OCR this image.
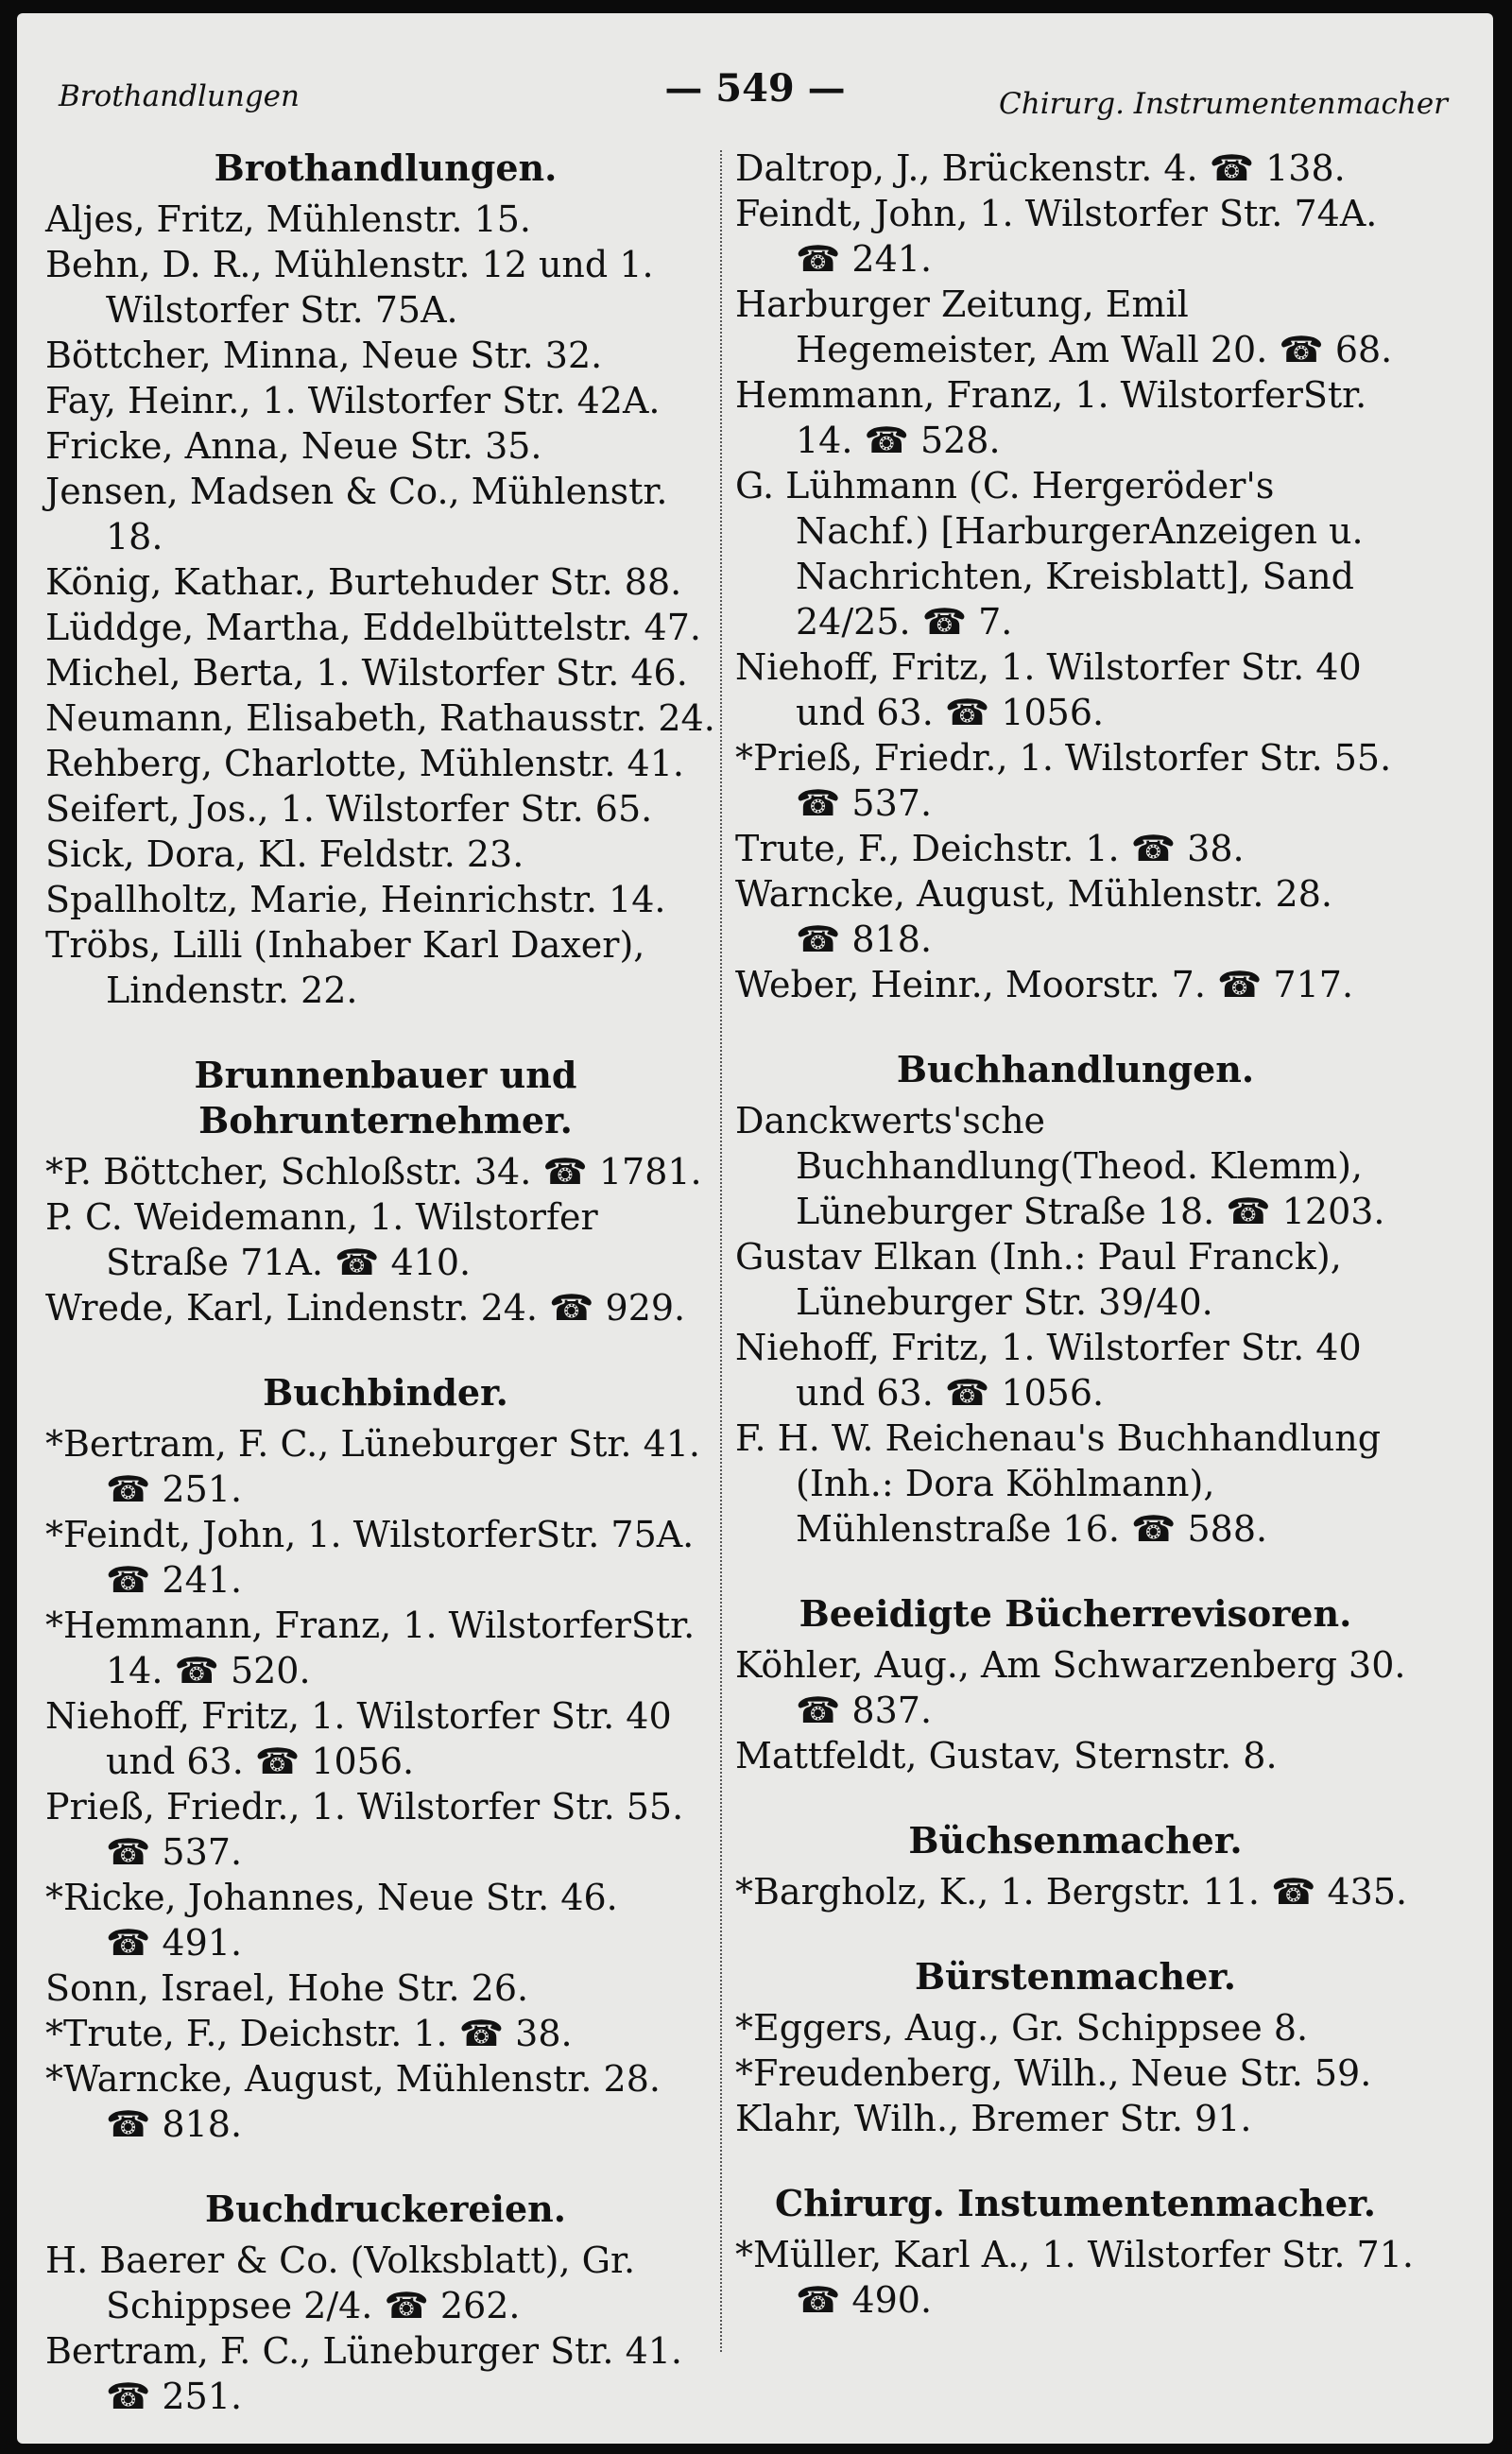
Brothandlungen	— 549 —	Chirurg. Instrumentenmacher
Brothandlungen.
Aljes, Fritz, Mühlenstr. 15.
Behn, D. R., Mühlenstr. 12 und 1. Wilstorfer Str. 75A.
Böttcher, Minna, Neue Str. 32.
Fay, Heinr., 1. Wilstorfer Str. 42A.
Fricke, Anna, Neue Str. 35.
Jensen, Madsen & Co., Mühlenstr. 18.
König, Kathar., Burtehuder Str. 88.
Lüddge, Martha, Eddelbüttelstr. 47.
Michel, Berta, 1. Wilstorfer Str. 46.
Neumann, Elisabeth, Rathausstr. 24.
Rehberg, Charlotte, Mühlenstr. 41.
Seifert, Jos., 1. Wilstorfer Str. 65.
Sick, Dora, Kl. Feldstr. 23.
Spallholtz, Marie, Heinrichstr. 14.
Tröbs, Lilli (Inhaber Karl Daxer), Lindenstr. 22.
Brunnenbauer und Bohrunternehmer.
*P. Böttcher, Schloßstr. 34. ☎ 1781.
P. C. Weidemann, 1. Wilstorfer Straße 71A. ☎ 410.
Wrede, Karl, Lindenstr. 24. ☎ 929.
Buchbinder.
*Bertram, F. C., Lüneburger Str. 41. ☎ 251.
*Feindt, John, 1. WilstorferStr. 75A. ☎ 241.
*Hemmann, Franz, 1. WilstorferStr. 14. ☎ 520.
Niehoff, Fritz, 1. Wilstorfer Str. 40 und 63. ☎ 1056.
Prieß, Friedr., 1. Wilstorfer Str. 55. ☎ 537.
*Ricke, Johannes, Neue Str. 46. ☎ 491.
Sonn, Israel, Hohe Str. 26.
*Trute, F., Deichstr. 1. ☎ 38.
*Warncke, August, Mühlenstr. 28. ☎ 818.
Buchdruckereien.
H. Baerer & Co. (Volksblatt), Gr. Schippsee 2/4. ☎ 262.
Bertram, F. C., Lüneburger Str. 41. ☎ 251.
Daltrop, J., Brückenstr. 4. ☎ 138.
Feindt, John, 1. Wilstorfer Str. 74A. ☎ 241.
Harburger Zeitung, Emil Hegemeister, Am Wall 20. ☎ 68.
Hemmann, Franz, 1. WilstorferStr. 14. ☎ 528.
G. Lühmann (C. Hergeröder's Nachf.) [HarburgerAnzeigen u. Nachrichten, Kreisblatt], Sand 24/25. ☎ 7.
Niehoff, Fritz, 1. Wilstorfer Str. 40 und 63. ☎ 1056.
*Prieß, Friedr., 1. Wilstorfer Str. 55. ☎ 537.
Trute, F., Deichstr. 1. ☎ 38.
Warncke, August, Mühlenstr. 28. ☎ 818.
Weber, Heinr., Moorstr. 7. ☎ 717.
Buchhandlungen.
Danckwerts'sche Buchhandlung(Theod. Klemm), Lüneburger Straße 18. ☎ 1203.
Gustav Elkan (Inh.: Paul Franck), Lüneburger Str. 39/40.
Niehoff, Fritz, 1. Wilstorfer Str. 40 und 63. ☎ 1056.
F. H. W. Reichenau's Buchhandlung (Inh.: Dora Köhlmann), Mühlenstraße 16. ☎ 588.
Beeidigte Bücherrevisoren.
Köhler, Aug., Am Schwarzenberg 30. ☎ 837.
Mattfeldt, Gustav, Sternstr. 8.
Büchsenmacher.
*Bargholz, K., 1. Bergstr. 11. ☎ 435.
Bürstenmacher.
*Eggers, Aug., Gr. Schippsee 8.
*Freudenberg, Wilh., Neue Str. 59.
Klahr, Wilh., Bremer Str. 91.
Chirurg. Instumentenmacher.
*Müller, Karl A., 1. Wilstorfer Str. 71. ☎ 490.
